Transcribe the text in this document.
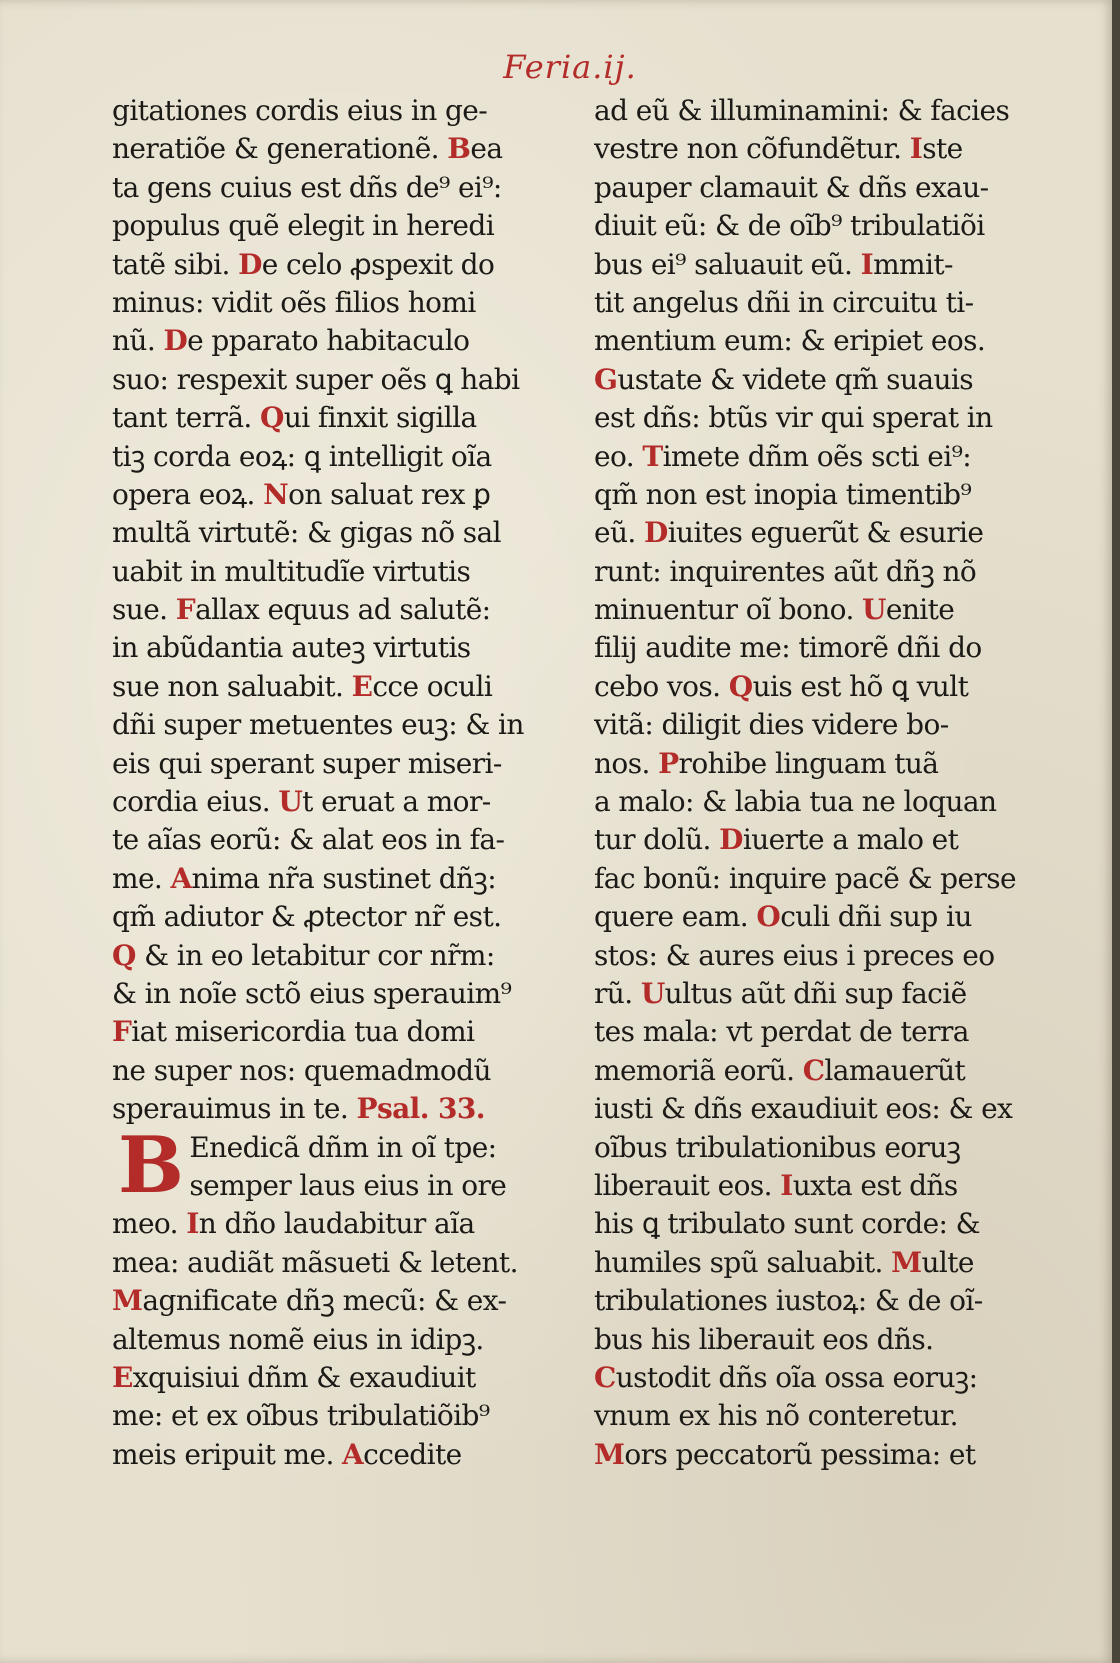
Feria.ij.
gitationes cordis eius in ge-
neratiõe & generationẽ. Bea
ta gens cuius est dñs de⁹ ei⁹:
populus quẽ elegit in heredi
tatẽ sibi. De celo ꝓspexit do
minus: vidit oẽs filios homi
nũ. De pparato habitaculo
suo: respexit super oẽs ꝗ habi
tant terrã. Qui finxit sigilla
tiꝫ corda eoꝝ: ꝗ intelligit oĩa
opera eoꝝ. Non saluat rex ꝑ
multã virtutẽ: & gigas nõ sal
uabit in multitudĩe virtutis
sue. Fallax equus ad salutẽ:
in abũdantia auteꝫ virtutis
sue non saluabit. Ecce oculi
dñi super metuentes euꝫ: & in
eis qui sperant super miseri-
cordia eius. Ut eruat a mor-
te aĩas eorũ: & alat eos in fa-
me. Anima nr̃a sustinet dñꝫ:
qm̃ adiutor & ꝓtector nr̃ est.
Q & in eo letabitur cor nr̃m:
& in noĩe sctõ eius sperauim⁹
Fiat misericordia tua domi
ne super nos: quemadmodũ
sperauimus in te. Psal. 33.
B Enedicã dñm in oĩ tpe:
semper laus eius in ore
meo. In dño laudabitur aĩa
mea: audiãt mãsueti & letent.
Magnificate dñꝫ mecũ: & ex-
altemus nomẽ eius in idipꝫ.
Exquisiui dñm & exaudiuit
me: et ex oĩbus tribulatiõib⁹
meis eripuit me. Accedite
ad eũ & illuminamini: & facies
vestre non cõfundẽtur. Iste
pauper clamauit & dñs exau-
diuit eũ: & de oĩb⁹ tribulatiõi
bus ei⁹ saluauit eũ. Immit-
tit angelus dñi in circuitu ti-
mentium eum: & eripiet eos.
Gustate & videte qm̃ suauis
est dñs: btũs vir qui sperat in
eo. Timete dñm oẽs scti ei⁹:
qm̃ non est inopia timentib⁹
eũ. Diuites eguerũt & esurie
runt: inquirentes aũt dñꝫ nõ
minuentur oĩ bono. Uenite
filij audite me: timorẽ dñi do
cebo vos. Quis est hõ ꝗ vult
vitã: diligit dies videre bo-
nos. Prohibe linguam tuã
a malo: & labia tua ne loquan
tur dolũ. Diuerte a malo et
fac bonũ: inquire pacẽ & perse
quere eam. Oculi dñi sup iu
stos: & aures eius i preces eo
rũ. Uultus aũt dñi sup faciẽ
tes mala: vt perdat de terra
memoriã eorũ. Clamauerũt
iusti & dñs exaudiuit eos: & ex
oĩbus tribulationibus eoruꝫ
liberauit eos. Iuxta est dñs
his ꝗ tribulato sunt corde: &
humiles spũ saluabit. Multe
tribulationes iustoꝝ: & de oĩ-
bus his liberauit eos dñs.
Custodit dñs oĩa ossa eoruꝫ:
vnum ex his nõ conteretur.
Mors peccatorũ pessima: et
